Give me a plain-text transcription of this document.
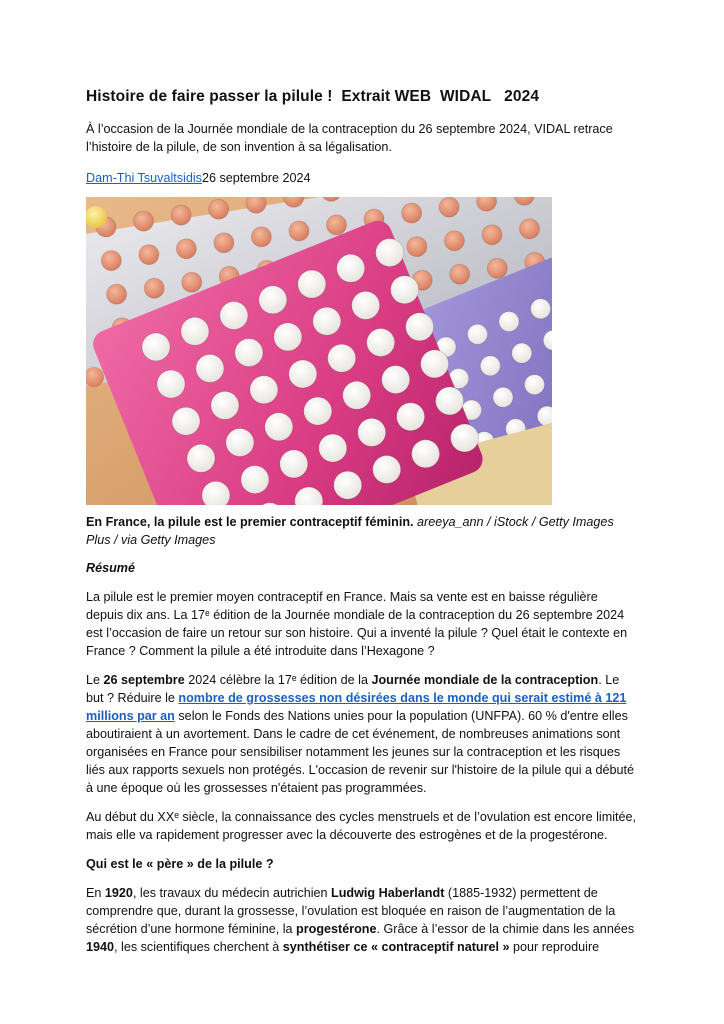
Histoire de faire passer la pilule !  Extrait WEB  WIDAL   2024

À l’occasion de la Journée mondiale de la contraception du 26 septembre 2024, VIDAL retrace l’histoire de la pilule, de son invention à sa légalisation.

Dam-Thi Tsuvaltsidis26 septembre 2024

En France, la pilule est le premier contraceptif féminin. areeya_ann / iStock / Getty Images Plus / via Getty Images

Résumé

La pilule est le premier moyen contraceptif en France. Mais sa vente est en baisse régulière depuis dix ans. La 17ᵉ édition de la Journée mondiale de la contraception du 26 septembre 2024 est l’occasion de faire un retour sur son histoire. Qui a inventé la pilule ? Quel était le contexte en France ? Comment la pilule a été introduite dans l’Hexagone ?

Le 26 septembre 2024 célèbre la 17ᵉ édition de la Journée mondiale de la contraception. Le but ? Réduire le nombre de grossesses non désirées dans le monde qui serait estimé à 121 millions par an selon le Fonds des Nations unies pour la population (UNFPA). 60 % d'entre elles aboutiraient à un avortement. Dans le cadre de cet événement, de nombreuses animations sont organisées en France pour sensibiliser notamment les jeunes sur la contraception et les risques liés aux rapports sexuels non protégés. L'occasion de revenir sur l'histoire de la pilule qui a débuté à une époque où les grossesses n'étaient pas programmées.

Au début du XXᵉ siècle, la connaissance des cycles menstruels et de l’ovulation est encore limitée, mais elle va rapidement progresser avec la découverte des estrogènes et de la progestérone.

Qui est le « père » de la pilule ?

En 1920, les travaux du médecin autrichien Ludwig Haberlandt (1885-1932) permettent de comprendre que, durant la grossesse, l’ovulation est bloquée en raison de l’augmentation de la sécrétion d’une hormone féminine, la progestérone. Grâce à l’essor de la chimie dans les années 1940, les scientifiques cherchent à synthétiser ce « contraceptif naturel » pour reproduire
